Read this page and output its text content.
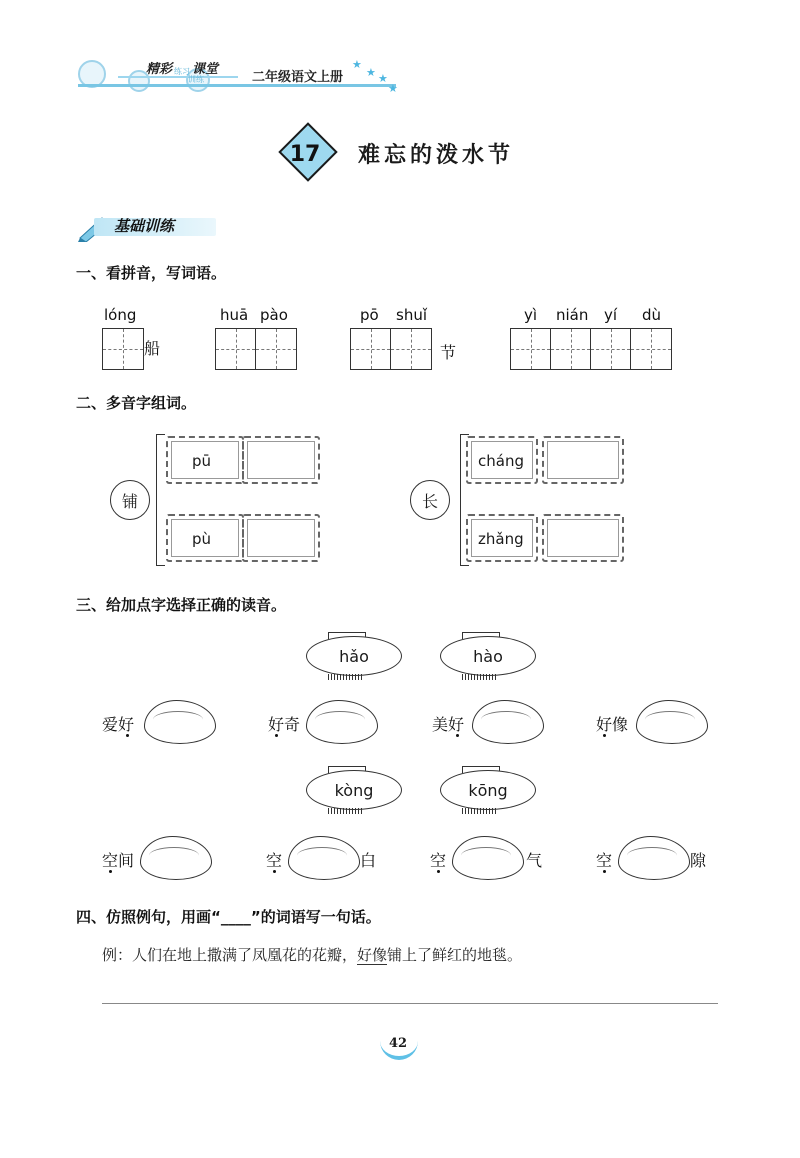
精彩 练习 课堂
训练	二年级语文上册
★
★ ★
★
17 难忘的泼水节
基础训练
一、看拼音，写词语。
lóng
船
huā pào	pō shuǐ
节
yì nián yí dù
二、多音字组词。
铺
pū
pù
长
cháng
zhǎng
三、给加点字选择正确的读音。
hǎo	hào
爱好	好奇	美好	好像
kòng	kōng
空间	空	白	空	气	空	隙
四、仿照例句，用画“____”的词语写一句话。
例：人们在地上撒满了凤凰花的花瓣，好像铺上了鲜红的地毯。
42
